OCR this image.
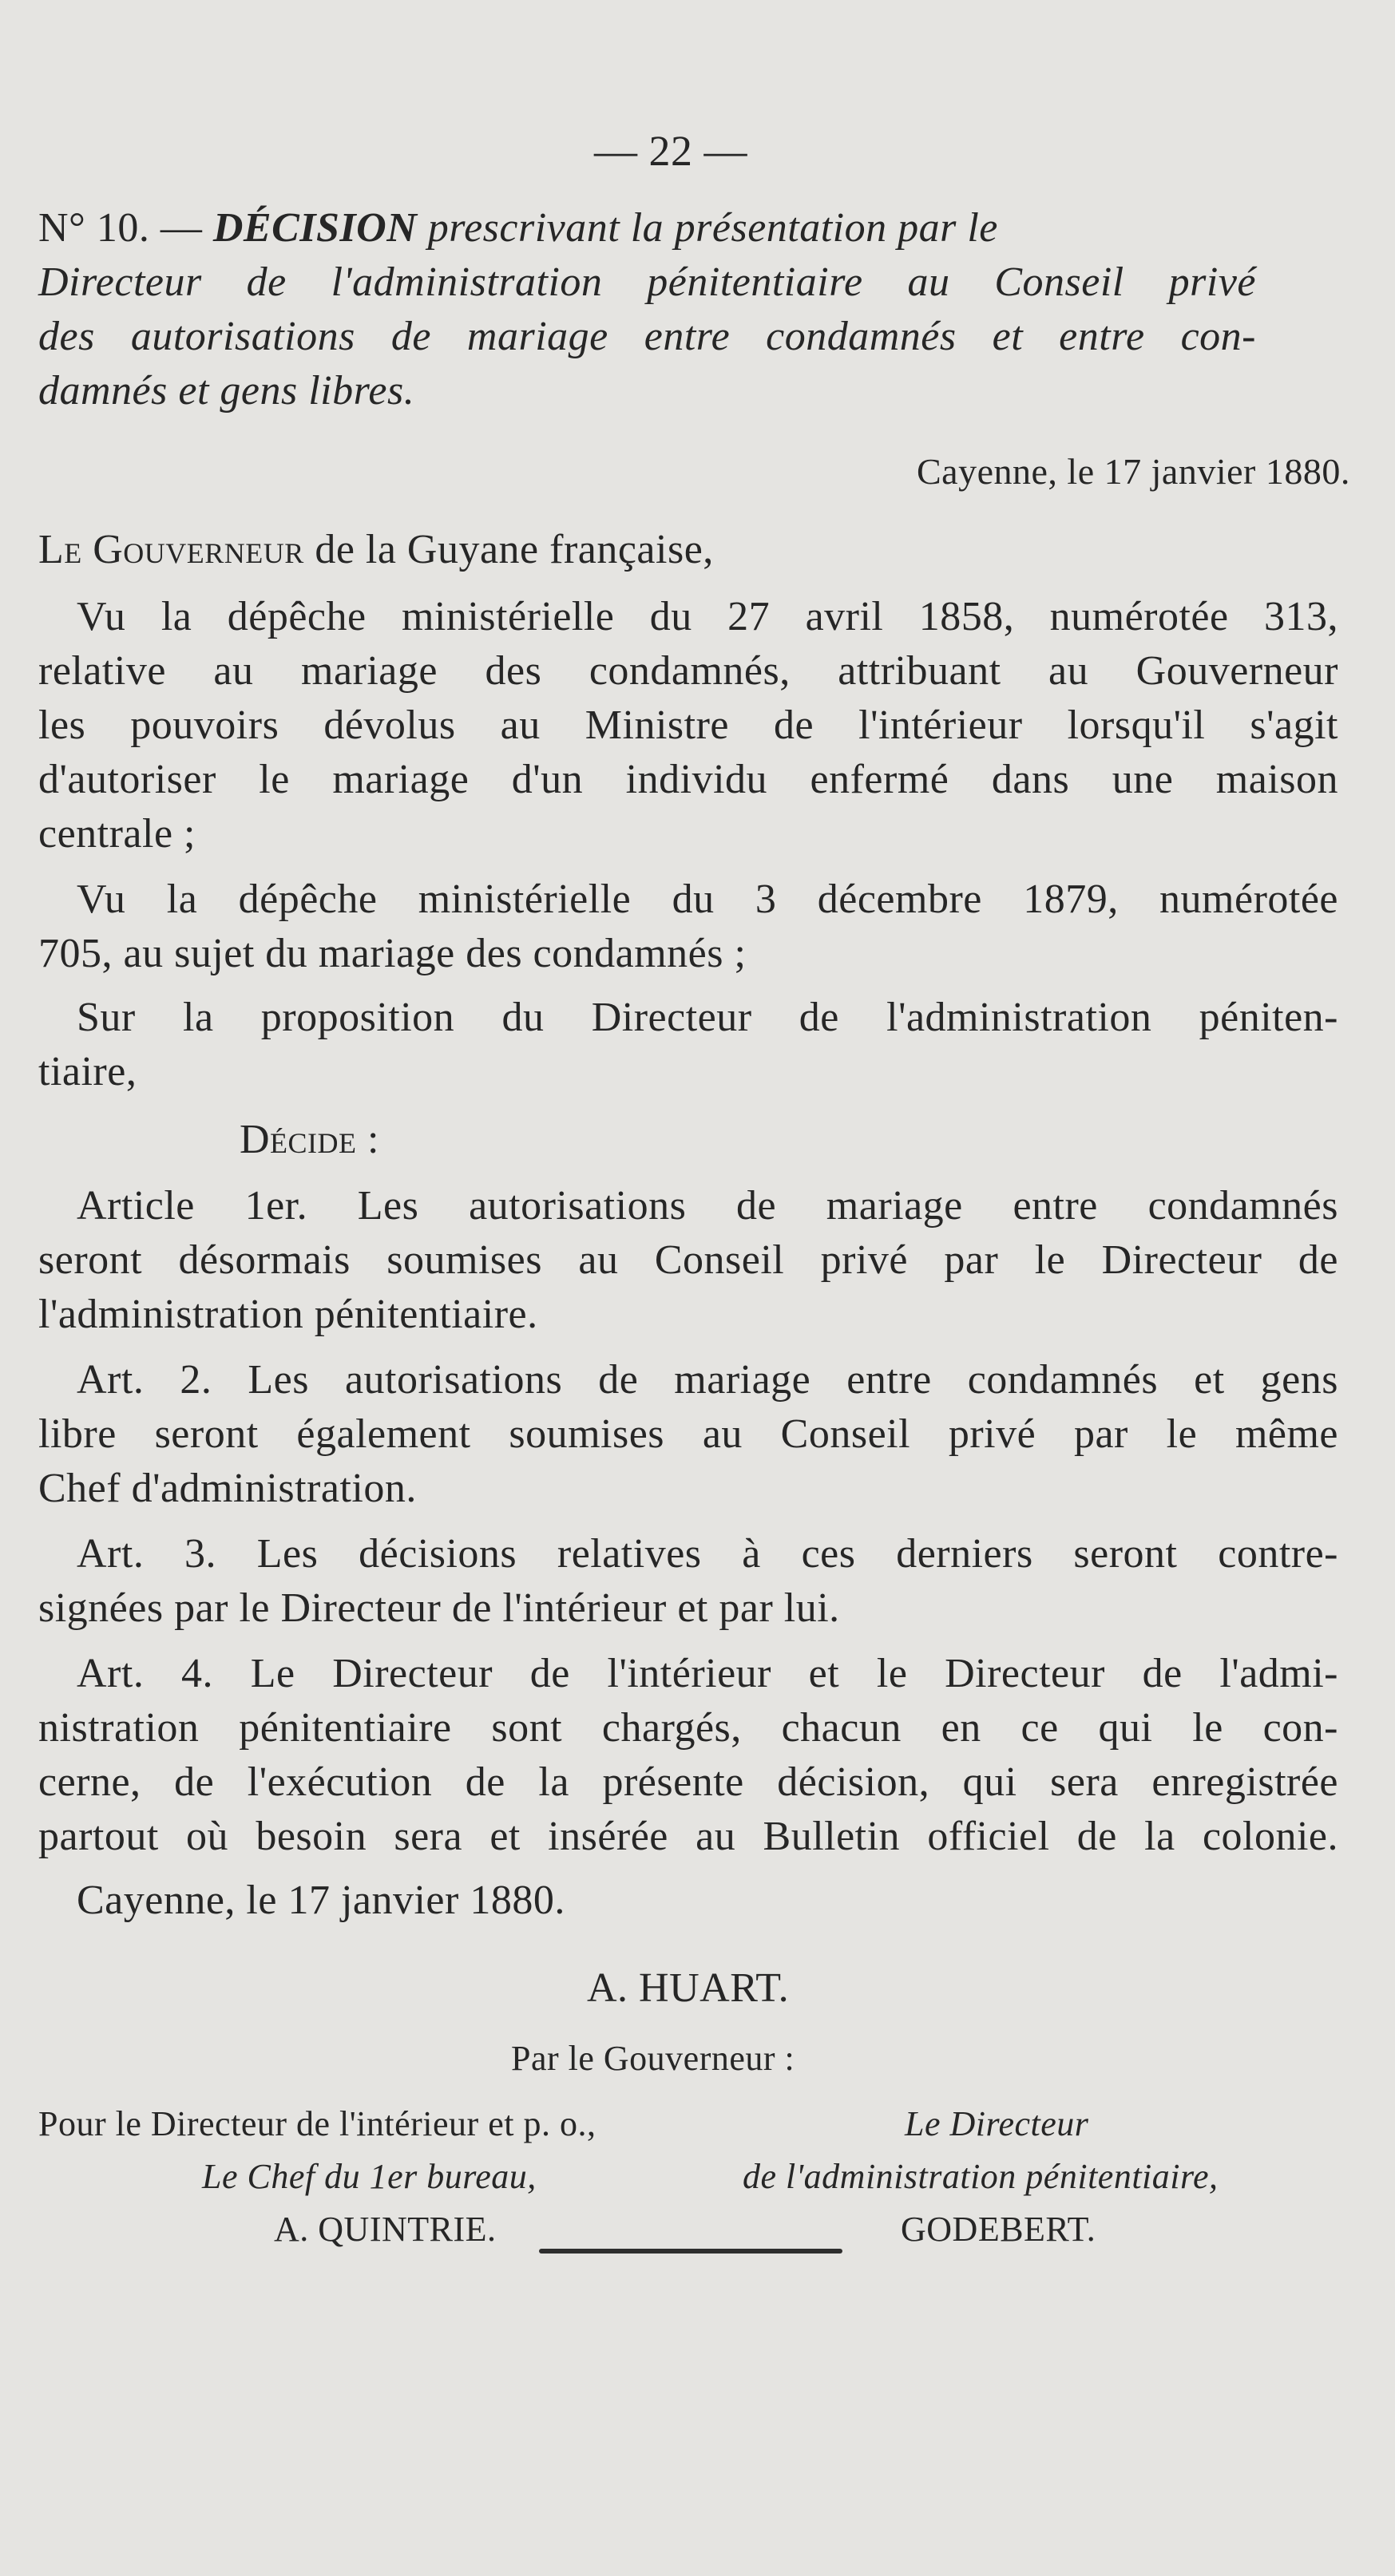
— 22 —
N° 10. — DÉCISION prescrivant la présentation par le
Directeur de l'administration pénitentiaire au Conseil privé
des autorisations de mariage entre condamnés et entre con-
damnés et gens libres.
Cayenne, le 17 janvier 1880.
Le Gouverneur de la Guyane française,
Vu la dépêche ministérielle du 27 avril 1858, numérotée 313,
relative au mariage des condamnés, attribuant au Gouverneur
les pouvoirs dévolus au Ministre de l'intérieur lorsqu'il s'agit
d'autoriser le mariage d'un individu enfermé dans une maison
centrale ;
Vu la dépêche ministérielle du 3 décembre 1879, numérotée
705, au sujet du mariage des condamnés ;
Sur la proposition du Directeur de l'administration péniten-
tiaire,
Décide :
Article 1er. Les autorisations de mariage entre condamnés
seront désormais soumises au Conseil privé par le Directeur de
l'administration pénitentiaire.
Art. 2. Les autorisations de mariage entre condamnés et gens
libre seront également soumises au Conseil privé par le même
Chef d'administration.
Art. 3. Les décisions relatives à ces derniers seront contre-
signées par le Directeur de l'intérieur et par lui.
Art. 4. Le Directeur de l'intérieur et le Directeur de l'admi-
nistration pénitentiaire sont chargés, chacun en ce qui le con-
cerne, de l'exécution de la présente décision, qui sera enregistrée
partout où besoin sera et insérée au Bulletin officiel de la colonie.
Cayenne, le 17 janvier 1880.
A. HUART.
Par le Gouverneur :
Pour le Directeur de l'intérieur et p. o.,
Le Chef du 1er bureau,
A. QUINTRIE.
Le Directeur
de l'administration pénitentiaire,
GODEBERT.
